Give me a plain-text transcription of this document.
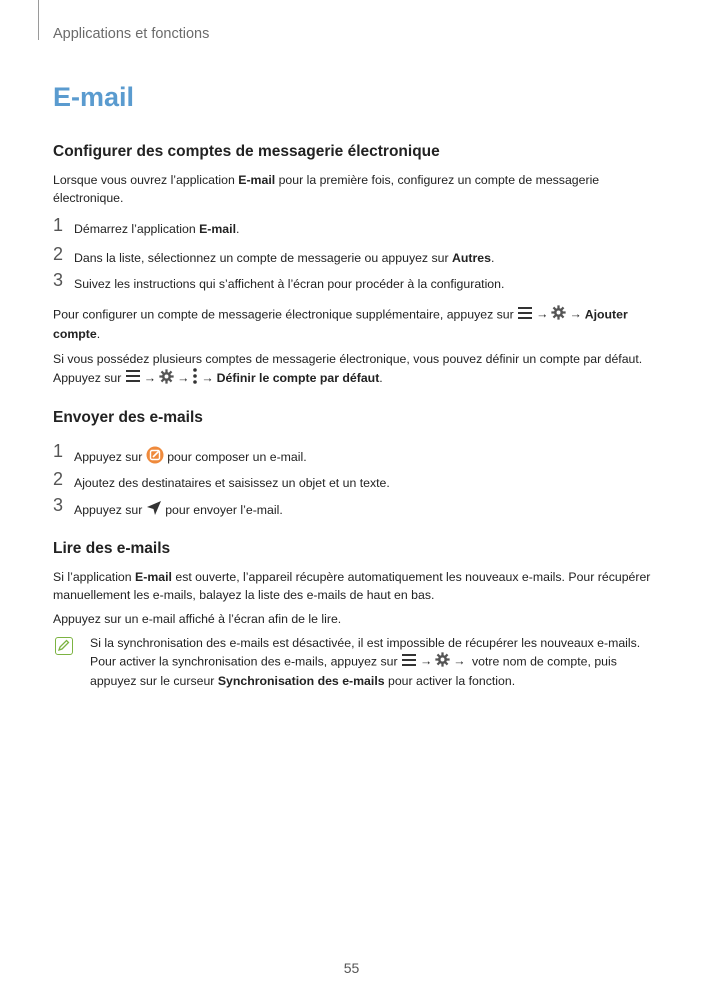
Applications et fonctions
E-mail
Configurer des comptes de messagerie électronique
Lorsque vous ouvrez l’application E-mail pour la première fois, configurez un compte de messagerie
électronique.
1 Démarrez l’application E-mail.
2 Dans la liste, sélectionnez un compte de messagerie ou appuyez sur Autres.
3 Suivez les instructions qui s’affichent à l’écran pour procéder à la configuration.
Pour configurer un compte de messagerie électronique supplémentaire, appuyez sur → → Ajouter
compte.
Si vous possédez plusieurs comptes de messagerie électronique, vous pouvez définir un compte par défaut.
Appuyez sur → → → Définir le compte par défaut.
Envoyer des e-mails
1 Appuyez sur  pour composer un e-mail.
2 Ajoutez des destinataires et saisissez un objet et un texte.
3 Appuyez sur  pour envoyer l’e-mail.
Lire des e-mails
Si l’application E-mail est ouverte, l’appareil récupère automatiquement les nouveaux e-mails. Pour récupérer
manuellement les e-mails, balayez la liste des e-mails de haut en bas.
Appuyez sur un e-mail affiché à l’écran afin de le lire.
Si la synchronisation des e-mails est désactivée, il est impossible de récupérer les nouveaux e-mails.
Pour activer la synchronisation des e-mails, appuyez sur → → votre nom de compte, puis
appuyez sur le curseur Synchronisation des e-mails pour activer la fonction.
55
